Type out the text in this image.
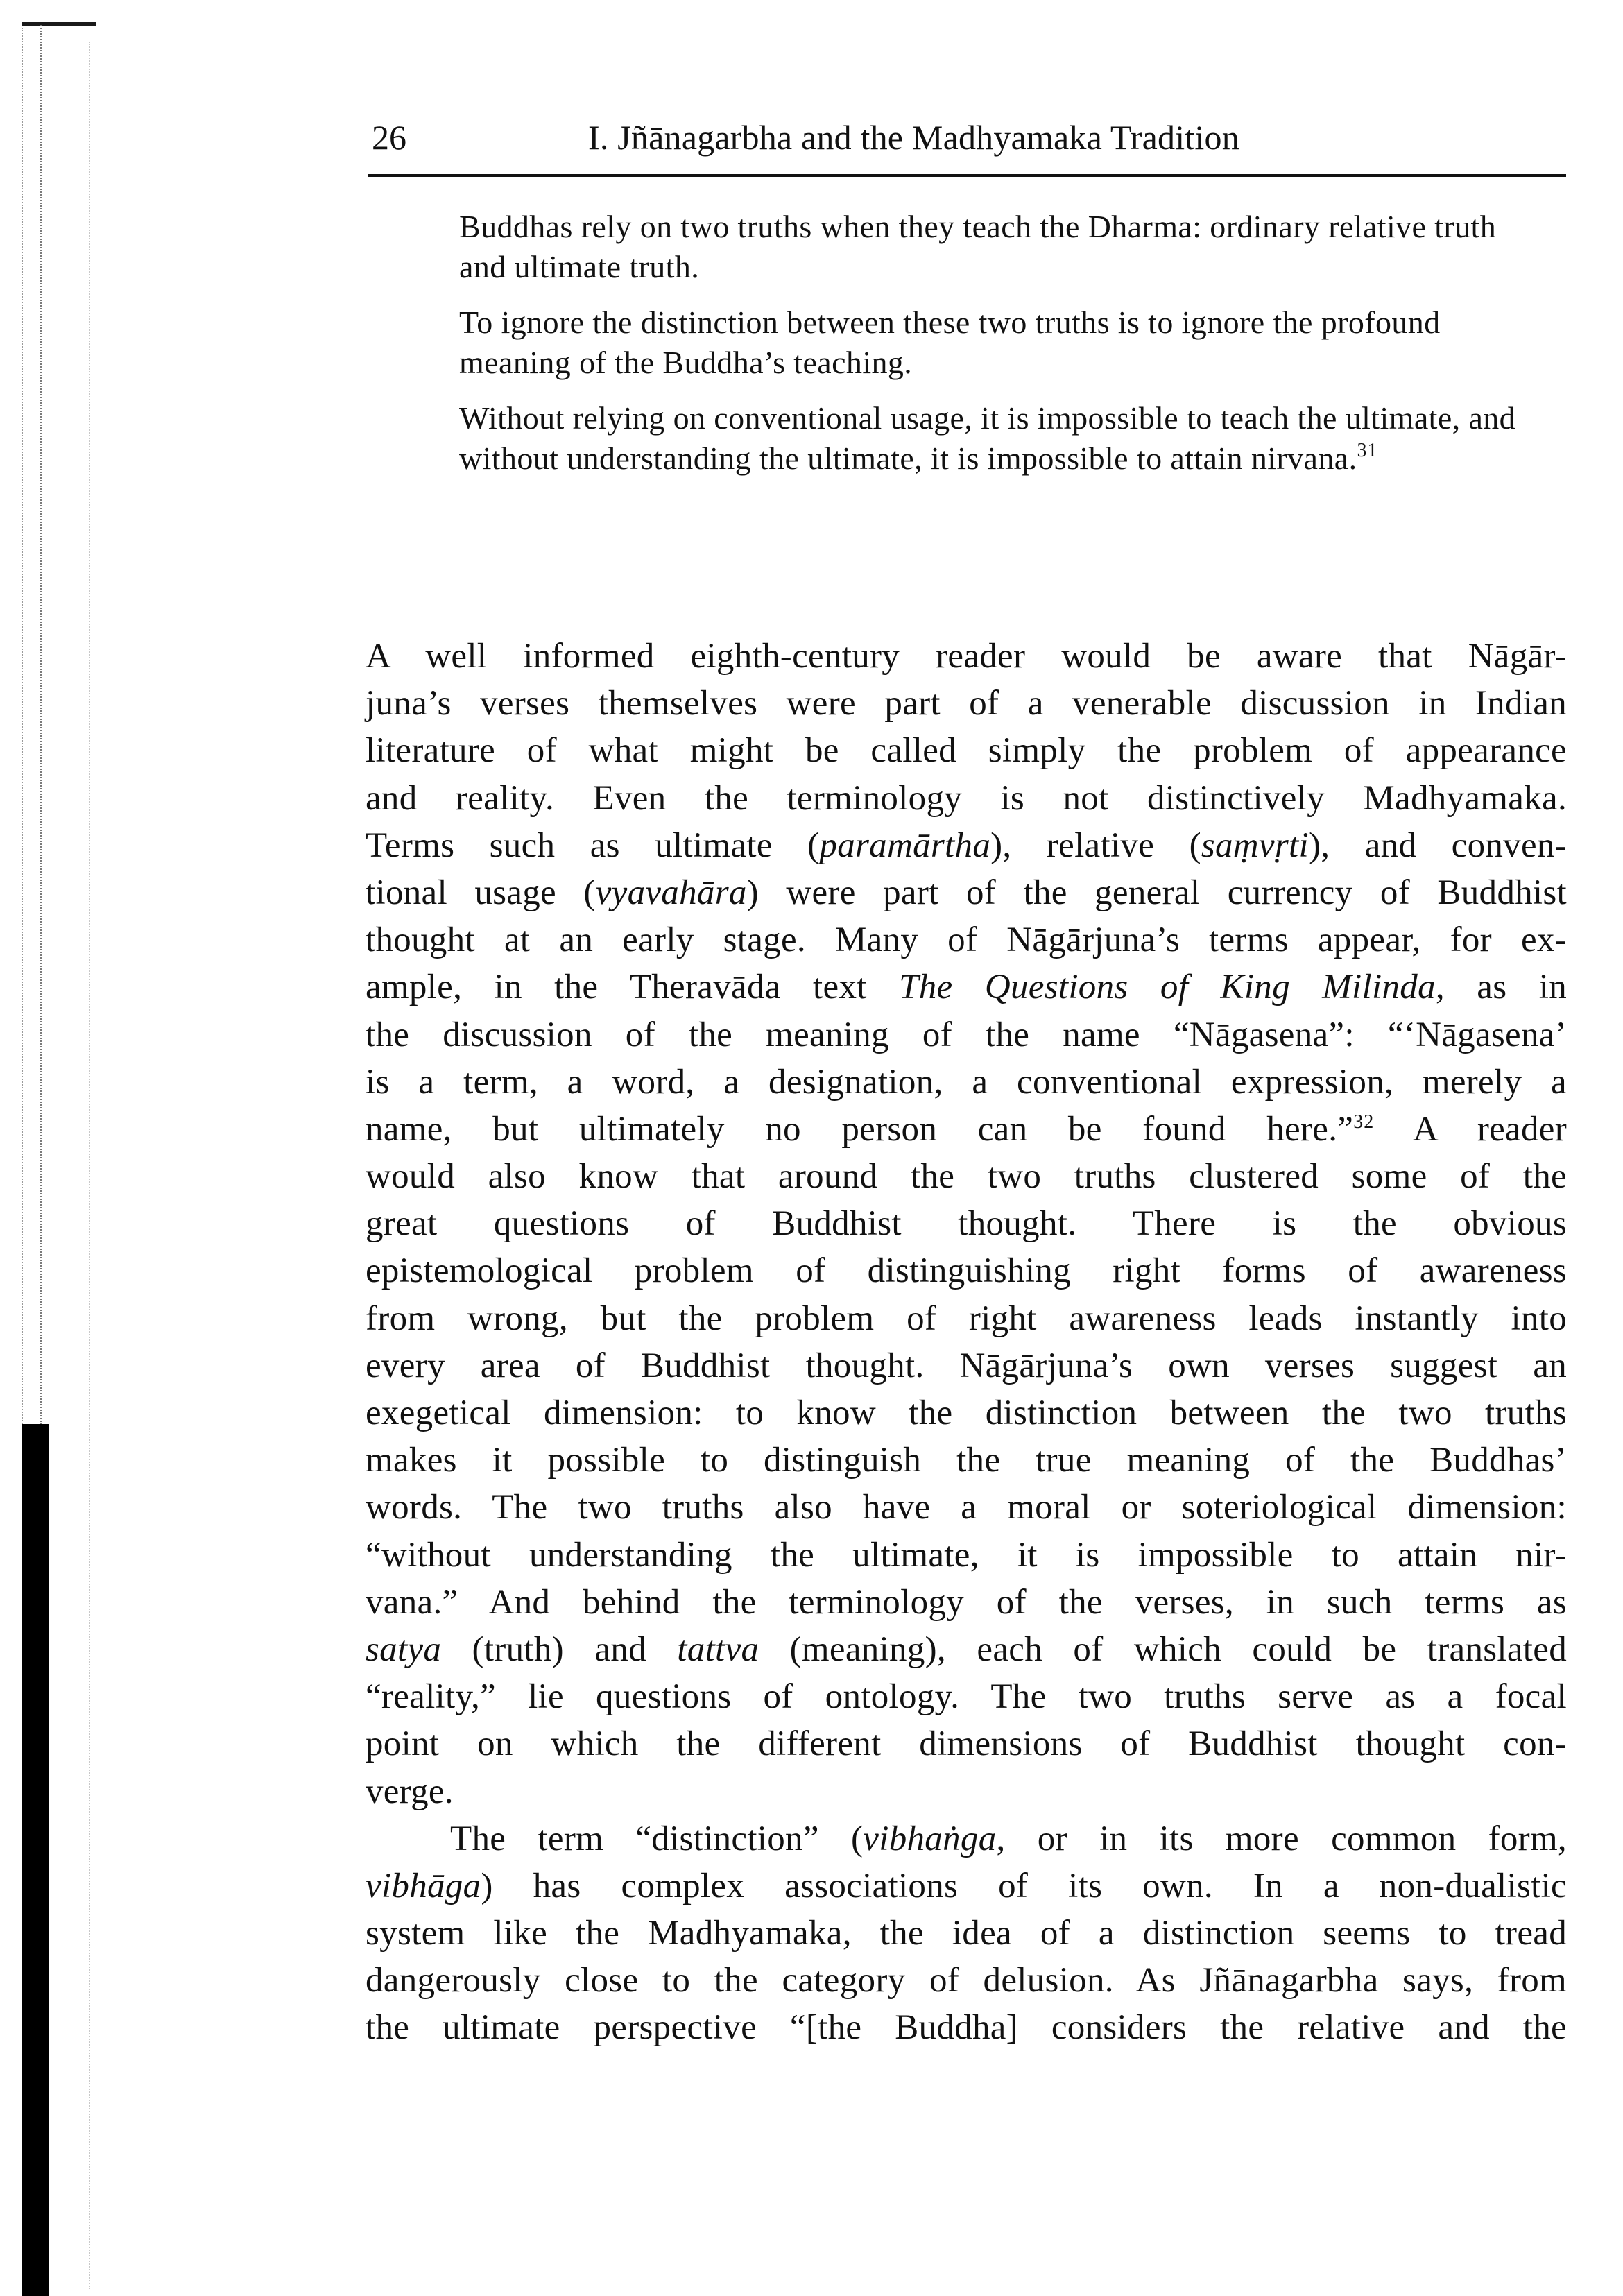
26	I. Jñānagarbha and the Madhyamaka Tradition

Buddhas rely on two truths when they teach the Dharma: ordinary relative truth and ultimate truth.

To ignore the distinction between these two truths is to ignore the profound meaning of the Buddha’s teaching.

Without relying on conventional usage, it is impossible to teach the ultimate, and without understanding the ultimate, it is impossible to attain nirvana.$^{31}$

A well informed eighth-century reader would be aware that Nāgār-
juna’s verses themselves were part of a venerable discussion in Indian
literature of what might be called simply the problem of appearance
and reality. Even the terminology is not distinctively Madhyamaka.
Terms such as ultimate (paramārtha), relative (saṃvṛti), and conven-
tional usage (vyavahāra) were part of the general currency of Buddhist
thought at an early stage. Many of Nāgārjuna’s terms appear, for ex-
ample, in the Theravāda text The Questions of King Milinda, as in
the discussion of the meaning of the name “Nāgasena”: “‘Nāgasena’
is a term, a word, a designation, a conventional expression, merely a
name, but ultimately no person can be found here.”$^{32}$ A reader
would also know that around the two truths clustered some of the
great questions of Buddhist thought. There is the obvious
epistemological problem of distinguishing right forms of awareness
from wrong, but the problem of right awareness leads instantly into
every area of Buddhist thought. Nāgārjuna’s own verses suggest an
exegetical dimension: to know the distinction between the two truths
makes it possible to distinguish the true meaning of the Buddhas’
words. The two truths also have a moral or soteriological dimension:
“without understanding the ultimate, it is impossible to attain nir-
vana.” And behind the terminology of the verses, in such terms as
satya (truth) and tattva (meaning), each of which could be translated
“reality,” lie questions of ontology. The two truths serve as a focal
point on which the different dimensions of Buddhist thought con-
verge.
The term “distinction” (vibhaṅga, or in its more common form,
vibhāga) has complex associations of its own. In a non-dualistic
system like the Madhyamaka, the idea of a distinction seems to tread
dangerously close to the category of delusion. As Jñānagarbha says, from
the ultimate perspective “[the Buddha] considers the relative and the
